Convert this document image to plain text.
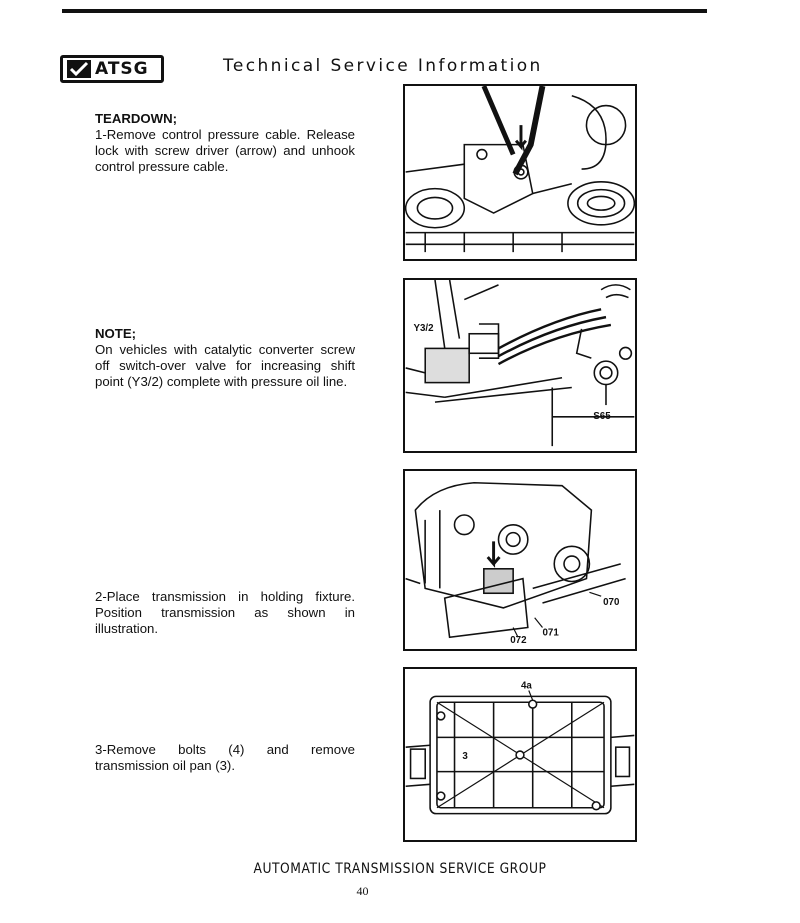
ATSG	Technical Service Information
TEARDOWN;
1-Remove control pressure cable. Release lock with screw driver (arrow) and unhook control pressure cable.
NOTE;
On vehicles with catalytic converter screw off switch-over valve for increasing shift point (Y3/2) complete with pressure oil line.
2-Place transmission in holding fixture. Position transmission as shown in illustration.
3-Remove bolts (4) and remove transmission oil pan (3).
Y3/2
S65
070
071
072
4a
3
AUTOMATIC TRANSMISSION SERVICE GROUP
40
